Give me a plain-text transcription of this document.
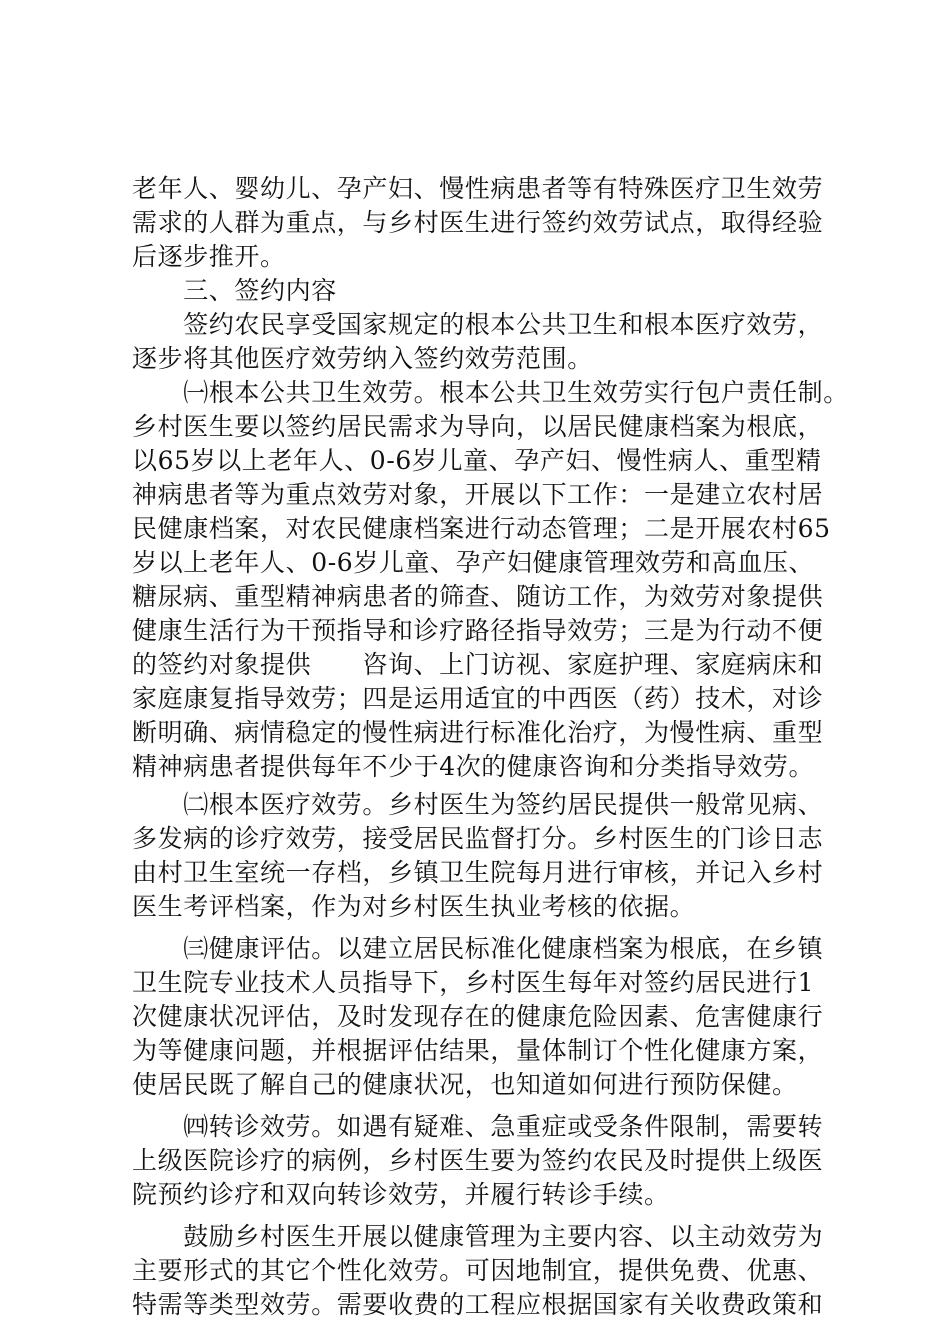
老年人、婴幼儿、孕产妇、慢性病患者等有特殊医疗卫生效劳
需求的人群为重点，与乡村医生进行签约效劳试点，取得经验
后逐步推开。
　　三、签约内容
　　签约农民享受国家规定的根本公共卫生和根本医疗效劳，
逐步将其他医疗效劳纳入签约效劳范围。
　　㈠根本公共卫生效劳。根本公共卫生效劳实行包户责任制。
乡村医生要以签约居民需求为导向，以居民健康档案为根底，
以65岁以上老年人、0-6岁儿童、孕产妇、慢性病人、重型精
神病患者等为重点效劳对象，开展以下工作：一是建立农村居
民健康档案，对农民健康档案进行动态管理；二是开展农村65
岁以上老年人、0-6岁儿童、孕产妇健康管理效劳和高血压、
糖尿病、重型精神病患者的筛查、随访工作，为效劳对象提供
健康生活行为干预指导和诊疗路径指导效劳；三是为行动不便
的签约对象提供　　咨询、上门访视、家庭护理、家庭病床和
家庭康复指导效劳；四是运用适宜的中西医（药）技术，对诊
断明确、病情稳定的慢性病进行标准化治疗，为慢性病、重型
精神病患者提供每年不少于4次的健康咨询和分类指导效劳。
　　㈡根本医疗效劳。乡村医生为签约居民提供一般常见病、
多发病的诊疗效劳，接受居民监督打分。乡村医生的门诊日志
由村卫生室统一存档，乡镇卫生院每月进行审核，并记入乡村
医生考评档案，作为对乡村医生执业考核的依据。
　　㈢健康评估。以建立居民标准化健康档案为根底，在乡镇
卫生院专业技术人员指导下，乡村医生每年对签约居民进行1
次健康状况评估，及时发现存在的健康危险因素、危害健康行
为等健康问题，并根据评估结果，量体制订个性化健康方案，
使居民既了解自己的健康状况，也知道如何进行预防保健。
　　㈣转诊效劳。如遇有疑难、急重症或受条件限制，需要转
上级医院诊疗的病例，乡村医生要为签约农民及时提供上级医
院预约诊疗和双向转诊效劳，并履行转诊手续。
　　鼓励乡村医生开展以健康管理为主要内容、以主动效劳为
主要形式的其它个性化效劳。可因地制宜，提供免费、优惠、
特需等类型效劳。需要收费的工程应根据国家有关收费政策和
